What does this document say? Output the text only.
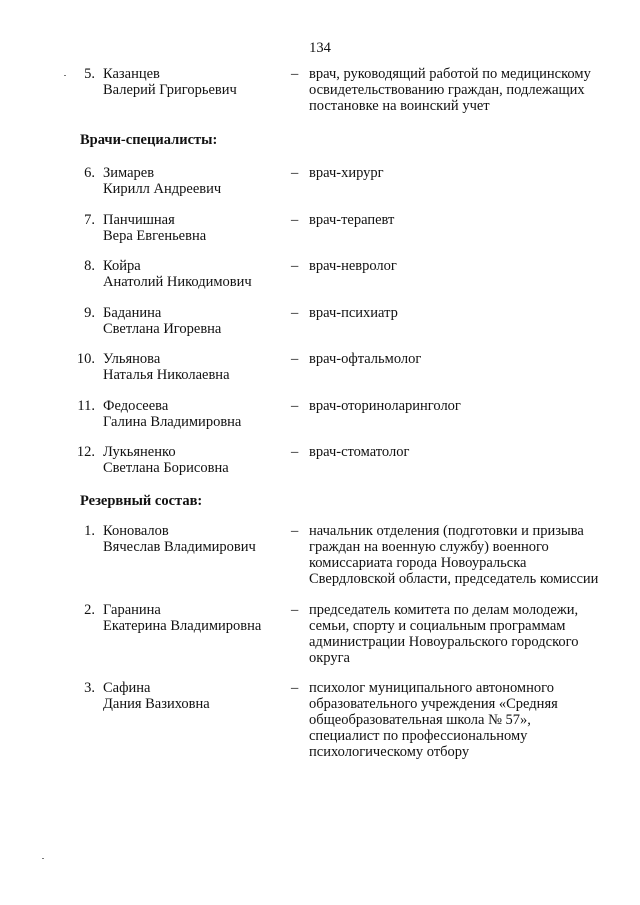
134
5. Казанцев
Валерий Григорьевич
– врач, руководящий работой по медицинскому
освидетельствованию граждан, подлежащих
постановке на воинский учет
Врачи-специалисты:
6. Зимарев
Кирилл Андреевич
– врач-хирург
7. Панчишная
Вера Евгеньевна
– врач-терапевт
8. Койра
Анатолий Никодимович
– врач-невролог
9. Баданина
Светлана Игоревна
– врач-психиатр
10. Ульянова
Наталья Николаевна
– врач-офтальмолог
11. Федосеева
Галина Владимировна
– врач-оториноларинголог
12. Лукьяненко
Светлана Борисовна
– врач-стоматолог
Резервный состав:
1. Коновалов
Вячеслав Владимирович
– начальник отделения (подготовки и призыва
граждан на военную службу) военного
комиссариата города Новоуральска
Свердловской области, председатель комиссии
2. Гаранина
Екатерина Владимировна
– председатель комитета по делам молодежи,
семьи, спорту и социальным программам
администрации Новоуральского городского
округа
3. Сафина
Дания Вазиховна
– психолог муниципального автономного
образовательного учреждения «Средняя
общеобразовательная школа № 57»,
специалист по профессиональному
психологическому отбору
